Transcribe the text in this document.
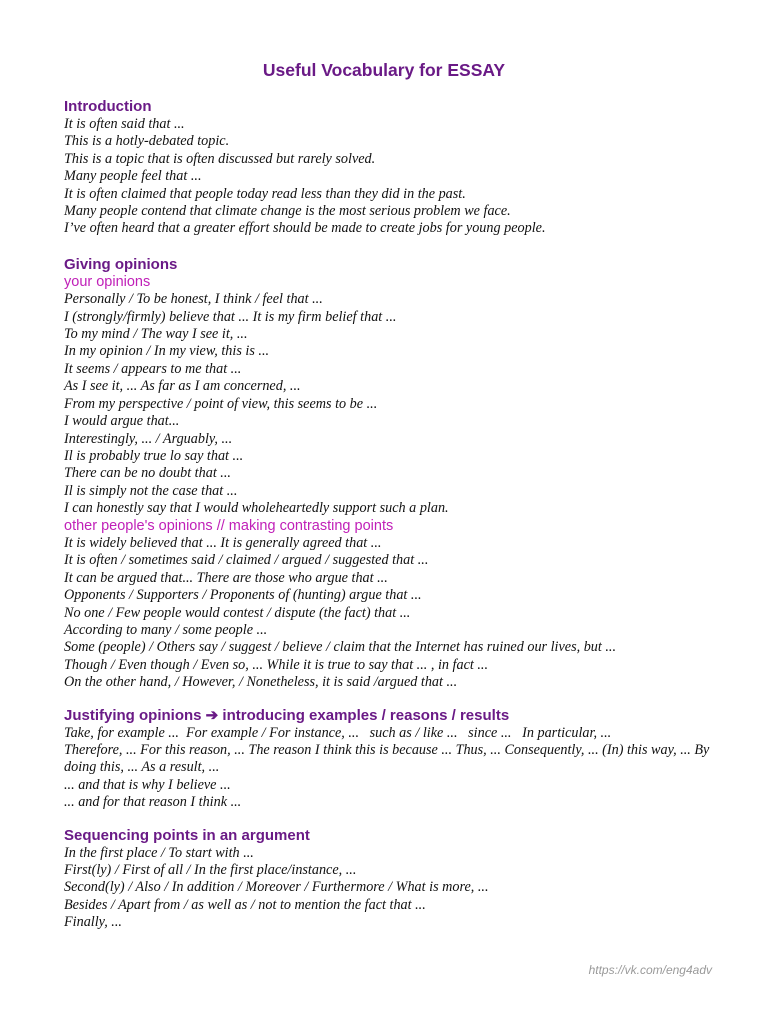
Useful Vocabulary for ESSAY
Introduction
It is often said that ...
This is a hotly-debated topic.
This is a topic that is often discussed but rarely solved.
Many people feel that ...
It is often claimed that people today read less than they did in the past.
Many people contend that climate change is the most serious problem we face.
I’ve often heard that a greater effort should be made to create jobs for young people.
Giving opinions
your opinions
Personally / To be honest, I think / feel that ...
I (strongly/firmly) believe that ... It is my firm belief that ...
To my mind / The way I see it, ...
In my opinion / In my view, this is ...
It seems / appears to me that ...
As I see it, ... As far as I am concerned, ...
From my perspective / point of view, this seems to be ...
I would argue that...
Interestingly, ... / Arguably, ...
Il is probably true lo say that ...
There can be no doubt that ...
Il is simply not the case that ...
I can honestly say that I would wholeheartedly support such a plan.
other people's opinions // making contrasting points
It is widely believed that ... It is generally agreed that ...
It is often / sometimes said / claimed / argued / suggested that ...
It can be argued that... There are those who argue that ...
Opponents / Supporters / Proponents of (hunting) argue that ...
No one / Few people would contest / dispute (the fact) that ...
According to many / some people ...
Some (people) / Others say / suggest / believe / claim that the Internet has ruined our lives, but ...
Though / Even though / Even so, ... While it is true to say that ... , in fact ...
On the other hand, / However, / Nonetheless, it is said /argued that ...
Justifying opinions ➔ introducing examples / reasons / results
Take, for example ...  For example / For instance, ...   such as / like ...   since ...   In particular, ...
Therefore, ... For this reason, ... The reason I think this is because ... Thus, ... Consequently, ... (In) this way, ... By doing this, ... As a result, ...
... and that is why I believe ...
... and for that reason I think ...
Sequencing points in an argument
In the first place / To start with ...
First(ly) / First of all / In the first place/instance, ...
Second(ly) / Also / In addition / Moreover / Furthermore / What is more, ...
Besides / Apart from / as well as / not to mention the fact that ...
Finally, ...
https://vk.com/eng4adv
